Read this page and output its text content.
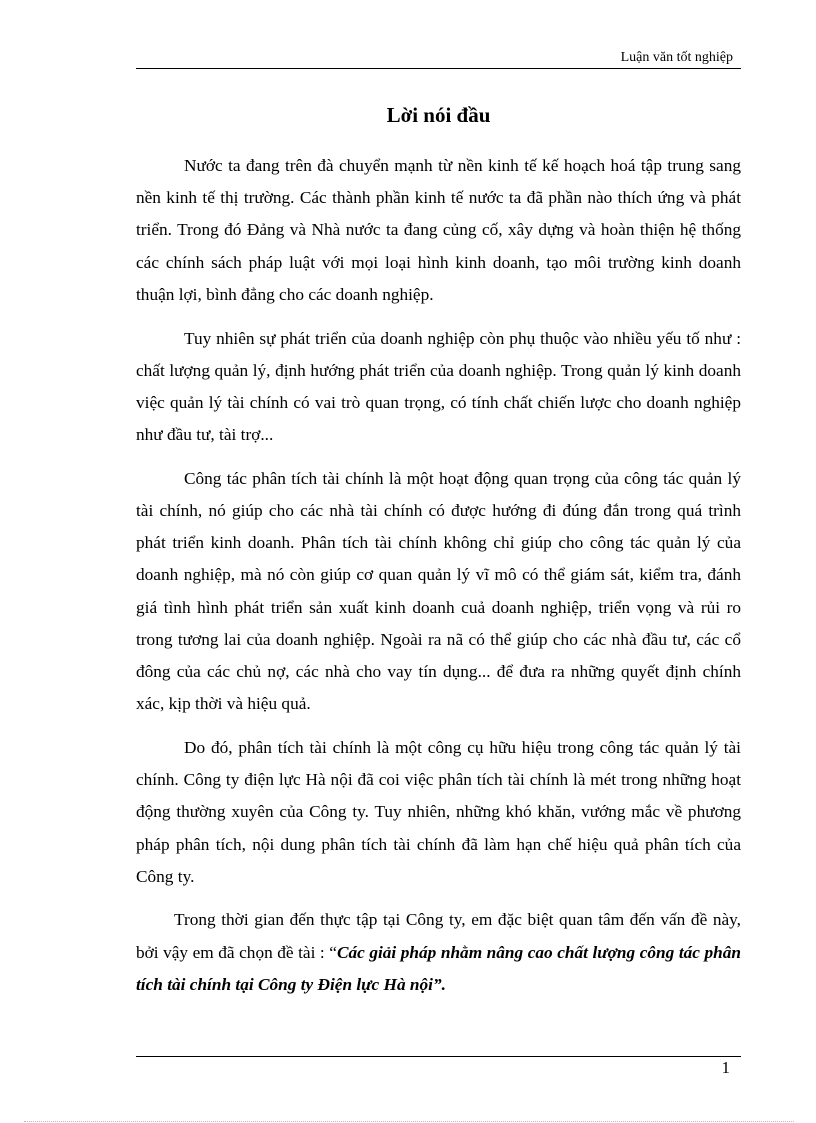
Luận văn tốt nghiệp
Lời nói đầu

Nước ta đang trên đà chuyển mạnh từ nền kinh tế kế hoạch hoá tập trung sang nền kinh tế thị trường. Các thành phần kinh tế nước ta đã phần nào thích ứng và phát triển. Trong đó Đảng và Nhà nước ta đang củng cố, xây dựng và hoàn thiện hệ thống các chính sách pháp luật với mọi loại hình kinh doanh, tạo môi trường kinh doanh thuận lợi, bình đẳng cho các doanh nghiệp.

Tuy nhiên sự phát triển của doanh nghiệp còn phụ thuộc vào nhiều yếu tố như : chất lượng quản lý, định hướng phát triển của doanh nghiệp. Trong quản lý kinh doanh việc quản lý tài chính có vai trò quan trọng, có tính chất chiến lược cho doanh nghiệp như đầu tư, tài trợ...

Công tác phân tích tài chính là một hoạt động quan trọng của công tác quản lý tài chính, nó giúp cho các nhà tài chính có được hướng đi đúng đắn trong quá trình phát triển kinh doanh. Phân tích tài chính không chỉ giúp cho công tác quản lý của doanh nghiệp, mà nó còn giúp cơ quan quản lý vĩ mô có thể giám sát, kiểm tra, đánh giá tình hình phát triển sản xuất kinh doanh cuả doanh nghiệp, triển vọng và rủi ro trong tương lai của doanh nghiệp. Ngoài ra nã có thể giúp cho các nhà đầu tư, các cổ đông của các chủ nợ, các nhà cho vay tín dụng... để đưa ra những quyết định chính xác, kịp thời và hiệu quả.

Do đó, phân tích tài chính là một công cụ hữu hiệu trong công tác quản lý tài chính. Công ty điện lực Hà nội đã coi việc phân tích tài chính là mét trong những hoạt động thường xuyên của Công ty. Tuy nhiên, những khó khăn, vướng mắc về phương pháp phân tích, nội dung phân tích tài chính đã làm hạn chế hiệu quả phân tích của Công ty.

Trong thời gian đến thực tập tại Công ty, em đặc biệt quan tâm đến vấn đề này, bởi vậy em đã chọn đề tài : “Các giải pháp nhằm nâng cao chất lượng công tác phân tích tài chính tại Công ty Điện lực Hà nội”.

1
